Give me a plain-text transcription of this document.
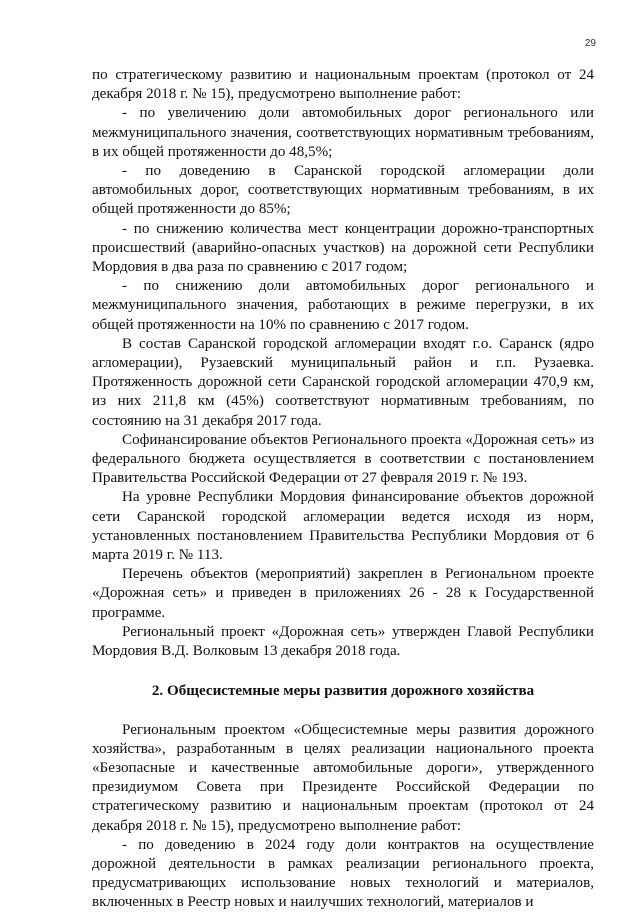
29

по стратегическому развитию и национальным проектам (протокол от 24 декабря 2018 г. № 15), предусмотрено выполнение работ:

- по увеличению доли автомобильных дорог регионального или межмуниципального значения, соответствующих нормативным требованиям, в их общей протяженности до 48,5%;

- по доведению в Саранской городской агломерации доли автомобильных дорог, соответствующих нормативным требованиям, в их общей протяженности до 85%;

- по снижению количества мест концентрации дорожно-транспортных происшествий (аварийно-опасных участков) на дорожной сети Республики Мордовия в два раза по сравнению с 2017 годом;

- по снижению доли автомобильных дорог регионального и межмуниципального значения, работающих в режиме перегрузки, в их общей протяженности на 10% по сравнению с 2017 годом.

В состав Саранской городской агломерации входят г.о. Саранск (ядро агломерации), Рузаевский муниципальный район и г.п. Рузаевка. Протяженность дорожной сети Саранской городской агломерации 470,9 км, из них 211,8 км (45%) соответствуют нормативным требованиям, по состоянию на 31 декабря 2017 года.

Софинансирование объектов Регионального проекта «Дорожная сеть» из федерального бюджета осуществляется в соответствии с постановлением Правительства Российской Федерации от 27 февраля 2019 г. № 193.

На уровне Республики Мордовия финансирование объектов дорожной сети Саранской городской агломерации ведется исходя из норм, установленных постановлением Правительства Республики Мордовия от 6 марта 2019 г. № 113.

Перечень объектов (мероприятий) закреплен в Региональном проекте «Дорожная сеть» и приведен в приложениях 26 - 28 к Государственной программе.

Региональный проект «Дорожная сеть» утвержден Главой Республики Мордовия В.Д. Волковым 13 декабря 2018 года.

2. Общесистемные меры развития дорожного хозяйства

Региональным проектом «Общесистемные меры развития дорожного хозяйства», разработанным в целях реализации национального проекта «Безопасные и качественные автомобильные дороги», утвержденного президиумом Совета при Президенте Российской Федерации по стратегическому развитию и национальным проектам (протокол от 24 декабря 2018 г. № 15), предусмотрено выполнение работ:

- по доведению в 2024 году доли контрактов на осуществление дорожной деятельности в рамках реализации регионального проекта, предусматривающих использование новых технологий и материалов, включенных в Реестр новых и наилучших технологий, материалов и
